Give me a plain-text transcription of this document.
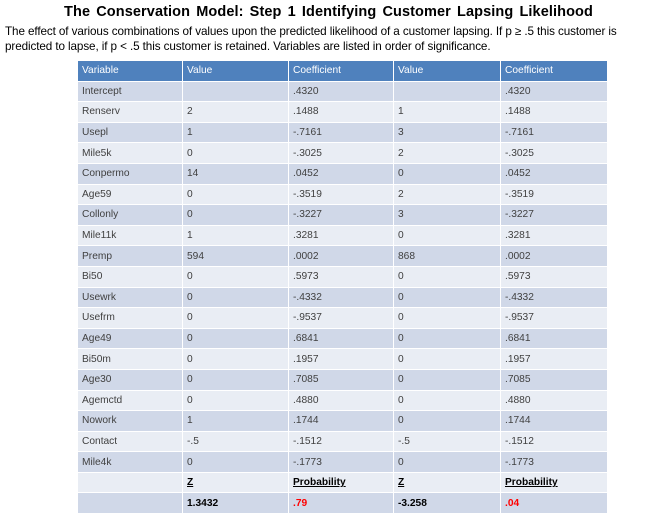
The Conservation Model: Step 1 Identifying Customer Lapsing Likelihood
The effect of various combinations of values upon the predicted likelihood of a customer lapsing. If p ≥ .5 this customer is predicted to lapse, if p < .5 this customer is retained. Variables are listed in order of significance.
Variable	Value	Coefficient	Value	Coefficient
Intercept		.4320		.4320
Renserv	2	.1488	1	.1488
Usepl	1	-.7161	3	-.7161
Mile5k	0	-.3025	2	-.3025
Conpermo	14	.0452	0	.0452
Age59	0	-.3519	2	-.3519
Collonly	0	-.3227	3	-.3227
Mile11k	1	.3281	0	.3281
Premp	594	.0002	868	.0002
Bi50	0	.5973	0	.5973
Usewrk	0	-.4332	0	-.4332
Usefrm	0	-.9537	0	-.9537
Age49	0	.6841	0	.6841
Bi50m	0	.1957	0	.1957
Age30	0	.7085	0	.7085
Agemctd	0	.4880	0	.4880
Nowork	1	.1744	0	.1744
Contact	-.5	-.1512	-.5	-.1512
Mile4k	0	-.1773	0	-.1773
	Z	Probability	Z	Probability
	1.3432	.79	-3.258	.04
